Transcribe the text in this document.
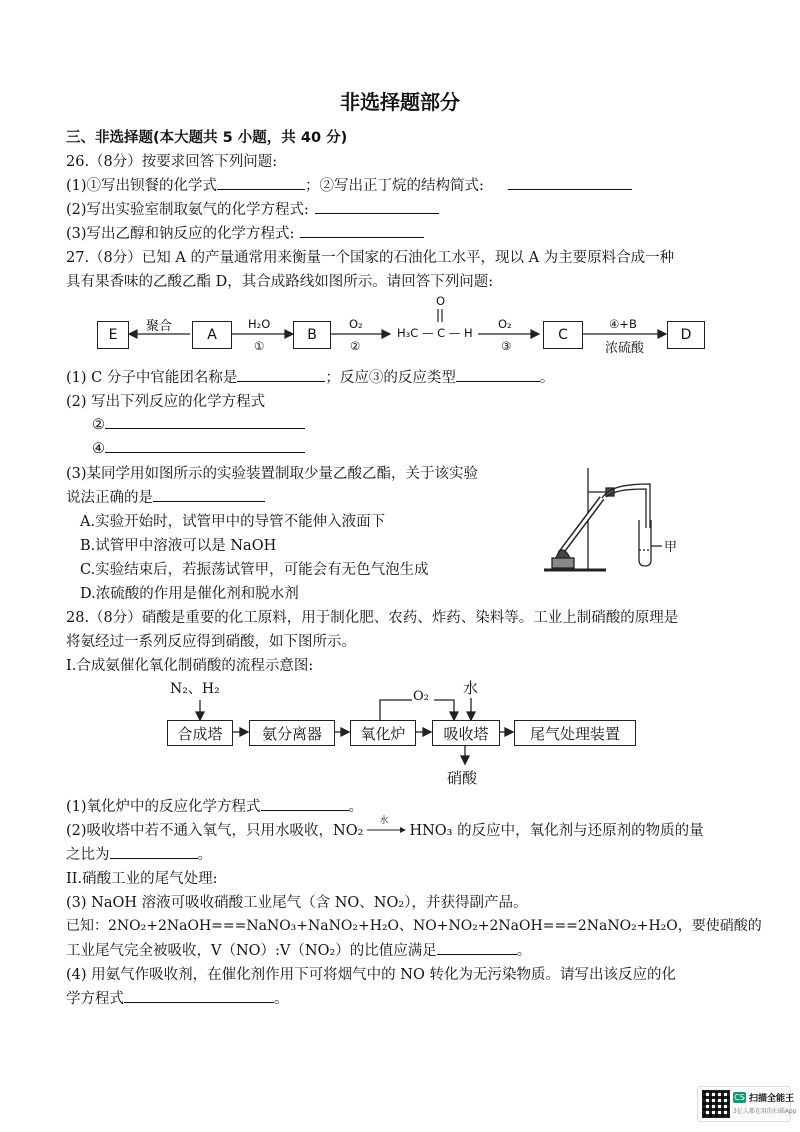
非选择题部分
三、非选择题(本大题共 5 小题，共 40 分)
26.（8分）按要求回答下列问题:
(1)①写出钡餐的化学式	；②写出正丁烷的结构简式:
(2)写出实验室制取氨气的化学方程式:
(3)写出乙醇和钠反应的化学方程式:
27.（8分）已知 A 的产量通常用来衡量一个国家的石油化工水平，现以 A 为主要原料合成一种
具有果香味的乙酸乙酯 D，其合成路线如图所示。请回答下列问题:
E	A	B	C	D
聚合	H₂O
①
O₂
②
O
H₃C — C — H
O₂
③
④+B
浓硫酸
(1) C 分子中官能团名称是	；反应③的反应类型	。
(2) 写出下列反应的化学方程式
②
④
(3)某同学用如图所示的实验装置制取少量乙酸乙酯，关于该实验
说法正确的是
A.实验开始时，试管甲中的导管不能伸入液面下
B.试管甲中溶液可以是 NaOH
C.实验结束后，若振荡试管甲，可能会有无色气泡生成
D.浓硫酸的作用是催化剂和脱水剂
甲
28.（8分）硝酸是重要的化工原料，用于制化肥、农药、炸药、染料等。工业上制硝酸的原理是
将氨经过一系列反应得到硝酸，如下图所示。
I.合成氨催化氧化制硝酸的流程示意图:
N₂、H₂	O₂ 水
合成塔	氨分离器	氧化炉	吸收塔	尾气处理装置
硝酸
(1)氧化炉中的反应化学方程式	。
(2)吸收塔中若不通入氧气，只用水吸收，NO₂
水
HNO₃ 的反应中，氧化剂与还原剂的物质的量
之比为	。
II.硝酸工业的尾气处理:
(3) NaOH 溶液可吸收硝酸工业尾气（含 NO、NO₂），并获得副产品。
已知：2NO₂+2NaOH===NaNO₃+NaNO₂+H₂O、NO+NO₂+2NaOH===2NaNO₂+H₂O，要使硝酸的
工业尾气完全被吸收，V（NO）:V（NO₂）的比值应满足	。
(4) 用氨气作吸收剂，在催化剂作用下可将烟气中的 NO 转化为无污染物质。请写出该反应的化
学方程式	。
CS 扫描全能王
3亿人都在用的扫描App
